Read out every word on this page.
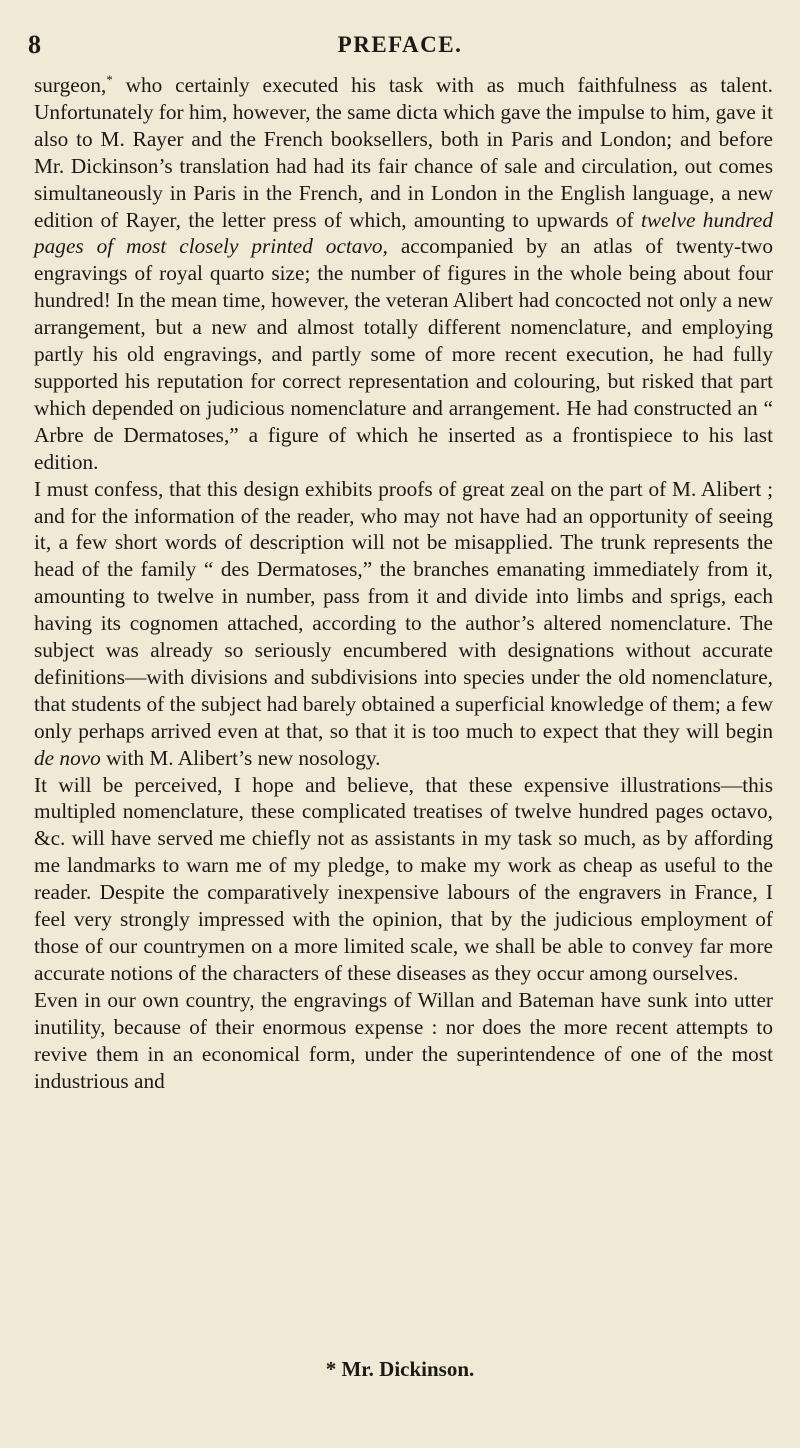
8	PREFACE.

surgeon,* who certainly executed his task with as much faithfulness as talent. Unfortunately for him, however, the same dicta which gave the impulse to him, gave it also to M. Rayer and the French booksellers, both in Paris and London; and before Mr. Dickinson’s translation had had its fair chance of sale and circulation, out comes simultaneously in Paris in the French, and in London in the English language, a new edition of Rayer, the letter press of which, amounting to upwards of twelve hundred pages of most closely printed octavo, accompanied by an atlas of twenty-two engravings of royal quarto size; the number of figures in the whole being about four hundred! In the mean time, however, the veteran Alibert had concocted not only a new arrangement, but a new and almost totally different nomenclature, and employing partly his old engravings, and partly some of more recent execution, he had fully supported his reputation for correct representation and colouring, but risked that part which depended on judicious nomenclature and arrangement. He had constructed an “ Arbre de Dermatoses,” a figure of which he inserted as a frontispiece to his last edition.

I must confess, that this design exhibits proofs of great zeal on the part of M. Alibert ; and for the information of the reader, who may not have had an opportunity of seeing it, a few short words of description will not be misapplied. The trunk represents the head of the family “ des Dermatoses,” the branches emanating immediately from it, amounting to twelve in number, pass from it and divide into limbs and sprigs, each having its cognomen attached, according to the author’s altered nomenclature. The subject was already so seriously encumbered with designations without accurate definitions—with divisions and subdivisions into species under the old nomenclature, that students of the subject had barely obtained a superficial knowledge of them; a few only perhaps arrived even at that, so that it is too much to expect that they will begin de novo with M. Alibert’s new nosology.

It will be perceived, I hope and believe, that these expensive illustrations—this multipled nomenclature, these complicated treatises of twelve hundred pages octavo, &c. will have served me chiefly not as assistants in my task so much, as by affording me landmarks to warn me of my pledge, to make my work as cheap as useful to the reader. Despite the comparatively inexpensive labours of the engravers in France, I feel very strongly impressed with the opinion, that by the judicious employment of those of our countrymen on a more limited scale, we shall be able to convey far more accurate notions of the characters of these diseases as they occur among ourselves.

Even in our own country, the engravings of Willan and Bateman have sunk into utter inutility, because of their enormous expense : nor does the more recent attempts to revive them in an economical form, under the superintendence of one of the most industrious and

* Mr. Dickinson.
